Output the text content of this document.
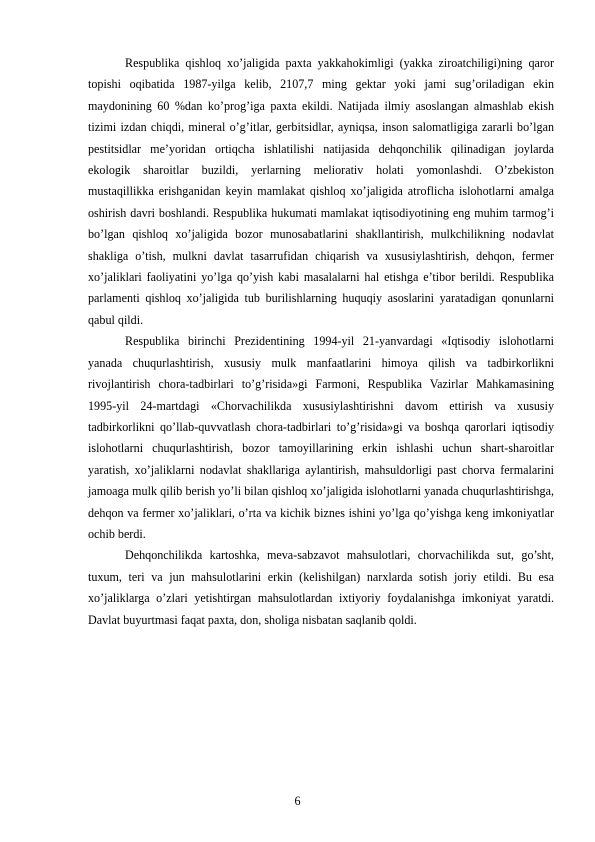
Respublika qishloq xo’jaligida paxta yakkahokimligi (yakka ziroatchiligi)ning qaror topishi oqibatida 1987-yilga kelib, 2107,7 ming gektar yoki jami sug’oriladigan ekin maydonining 60 %dan ko’prog’iga paxta ekildi. Natijada ilmiy asoslangan almashlab ekish tizimi izdan chiqdi, mineral o’g’itlar, gerbitsidlar, ayniqsa, inson salomatligiga zararli bo’lgan pestitsidlar me’yoridan ortiqcha ishlatilishi natijasida dehqonchilik qilinadigan joylarda ekologik sharoitlar buzildi, yerlarning meliorativ holati yomonlashdi. O’zbekiston mustaqillikka erishganidan keyin mamlakat qishloq xo’jaligida atroflicha islohotlarni amalga oshirish davri boshlandi. Respublika hukumati mamlakat iqtisodiyotining eng muhim tarmog’i bo’lgan qishloq xo’jaligida bozor munosabatlarini shakllantirish, mulkchilikning nodavlat shakliga o’tish, mulkni davlat tasarrufidan chiqarish va xususiylashtirish, dehqon, fermer xo’jaliklari faoliyatini yo’lga qo’yish kabi masalalarni hal etishga e’tibor berildi. Respublika parlamenti qishloq xo’jaligida tub burilishlarning huquqiy asoslarini yaratadigan qonunlarni qabul qildi.

Respublika birinchi Prezidentining 1994-yil 21-yanvardagi «Iqtisodiy islohotlarni yanada chuqurlashtirish, xususiy mulk manfaatlarini himoya qilish va tadbirkorlikni rivojlantirish chora-tadbirlari to’g’risida»gi Farmoni, Respublika Vazirlar Mahkamasining 1995-yil 24-martdagi «Chorvachilikda xususiylashtirishni davom ettirish va xususiy tadbirkorlikni qo’llab-quvvatlash chora-tadbirlari to’g’risida»gi va boshqa qarorlari iqtisodiy islohotlarni chuqurlashtirish, bozor tamoyillarining erkin ishlashi uchun shart-sharoitlar yaratish, xo’jaliklarni nodavlat shakllariga aylantirish, mahsuldorligi past chorva fermalarini jamoaga mulk qilib berish yo’li bilan qishloq xo’jaligida islohotlarni yanada chuqurlashtirishga, dehqon va fermer xo’jaliklari, o’rta va kichik biznes ishini yo’lga qo’yishga keng imkoniyatlar ochib berdi.

Dehqonchilikda kartoshka, meva-sabzavot mahsulotlari, chorvachilikda sut, go’sht, tuxum, teri va jun mahsulotlarini erkin (kelishilgan) narxlarda sotish joriy etildi. Bu esa xo’jaliklarga o’zlari yetishtirgan mahsulotlardan ixtiyoriy foydalanishga imkoniyat yaratdi. Davlat buyurtmasi faqat paxta, don, sholiga nisbatan saqlanib qoldi.

6
